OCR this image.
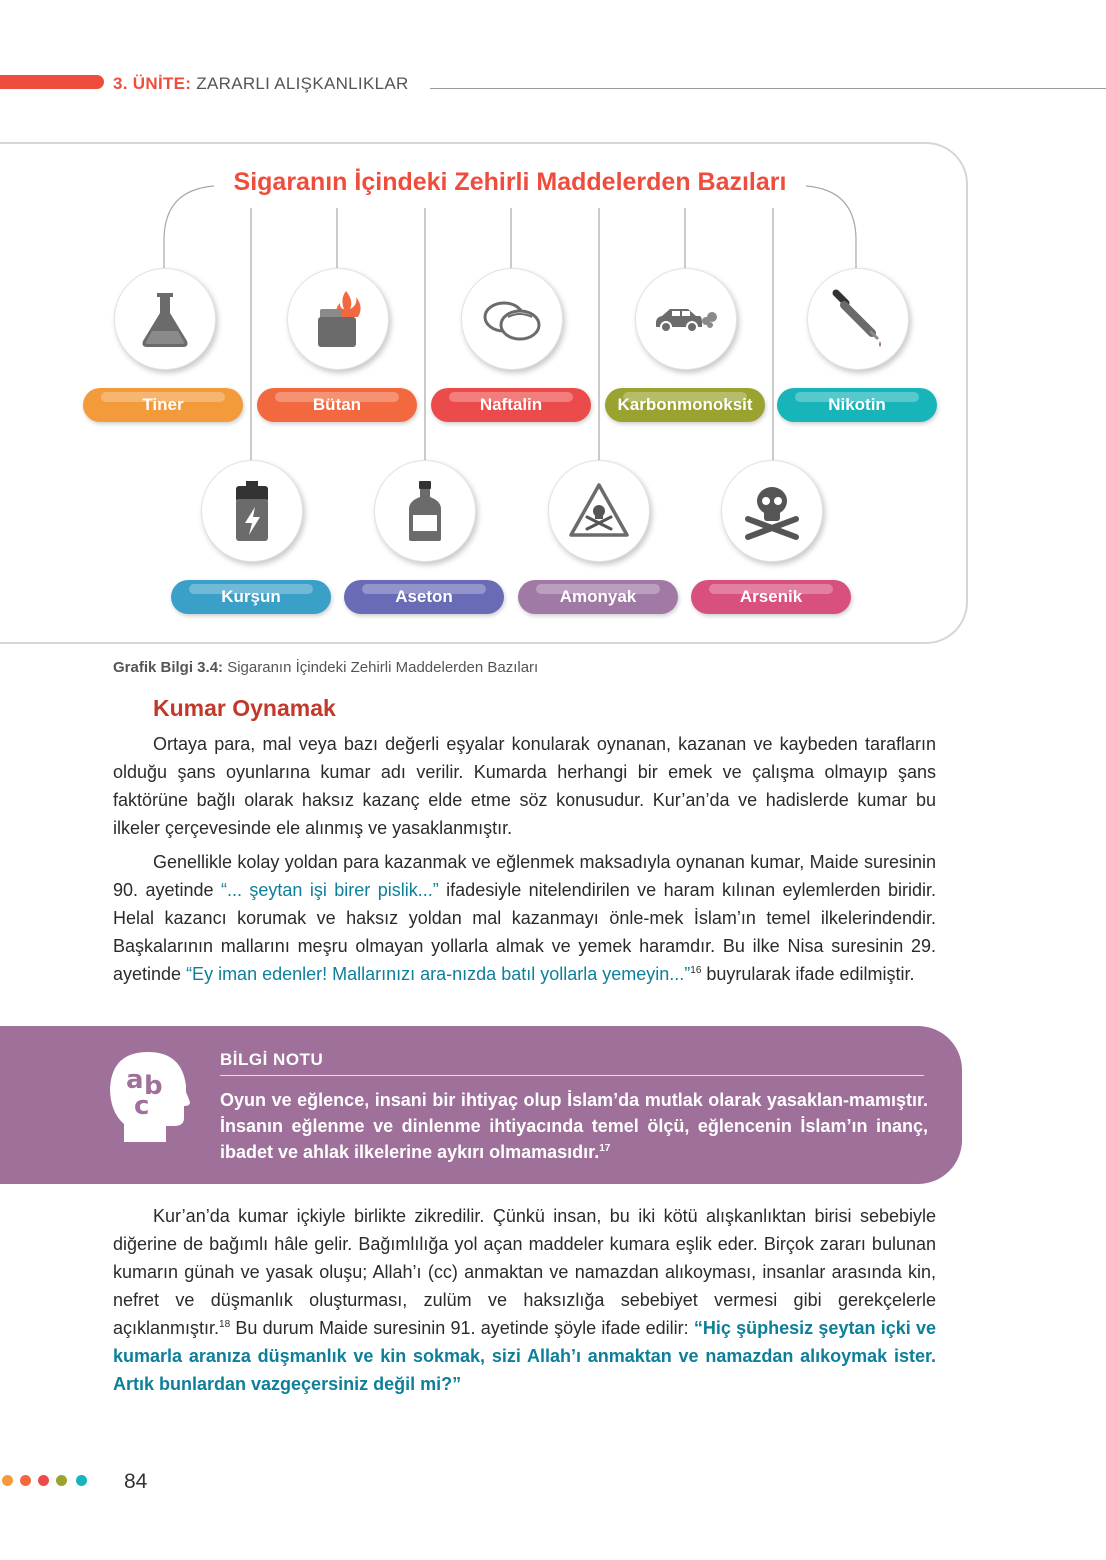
3. ÜNİTE: ZARARLI ALIŞKANLIKLAR
Sigaranın İçindeki Zehirli Maddelerden Bazıları
Tiner	Bütan	Naftalin	Karbonmonoksit	Nikotin
Kurşun	Aseton	Amonyak	Arsenik
Grafik Bilgi 3.4: Sigaranın İçindeki Zehirli Maddelerden Bazıları
Kumar Oynamak
Ortaya para, mal veya bazı değerli eşyalar konularak oynanan, kazanan ve kaybeden tarafların olduğu şans oyunlarına kumar adı verilir. Kumarda herhangi bir emek ve çalışma olmayıp şans faktörüne bağlı olarak haksız kazanç elde etme söz konusudur. Kur’an’da ve hadislerde kumar bu ilkeler çerçevesinde ele alınmış ve yasaklanmıştır.
Genellikle kolay yoldan para kazanmak ve eğlenmek maksadıyla oynanan kumar, Maide suresinin 90. ayetinde “... şeytan işi birer pislik...” ifadesiyle nitelendirilen ve haram kılınan eylemlerden biridir. Helal kazancı korumak ve haksız yoldan mal kazanmayı önle-mek İslam’ın temel ilkelerindendir. Başkalarının mallarını meşru olmayan yollarla almak ve yemek haramdır. Bu ilke Nisa suresinin 29. ayetinde “Ey iman edenler! Mallarınızı ara-nızda batıl yollarla yemeyin...”$^{16}$ buyrularak ifade edilmiştir.
a b
c
BİLGİ NOTU
Oyun ve eğlence, insani bir ihtiyaç olup İslam’da mutlak olarak yasaklan-mamıştır. İnsanın eğlenme ve dinlenme ihtiyacında temel ölçü, eğlencenin İslam’ın inanç, ibadet ve ahlak ilkelerine aykırı olmamasıdır.$^{17}$
Kur’an’da kumar içkiyle birlikte zikredilir. Çünkü insan, bu iki kötü alışkanlıktan birisi sebebiyle diğerine de bağımlı hâle gelir. Bağımlılığa yol açan maddeler kumara eşlik eder. Birçok zararı bulunan kumarın günah ve yasak oluşu; Allah’ı (cc) anmaktan ve namazdan alıkoyması, insanlar arasında kin, nefret ve düşmanlık oluşturması, zulüm ve haksızlığa sebebiyet vermesi gibi gerekçelerle açıklanmıştır.$^{18}$ Bu durum Maide suresinin 91. ayetinde şöyle ifade edilir: “Hiç şüphesiz şeytan içki ve kumarla aranıza düşmanlık ve kin sokmak, sizi Allah’ı anmaktan ve namazdan alıkoymak ister. Artık bunlardan vazgeçersiniz değil mi?”
84
